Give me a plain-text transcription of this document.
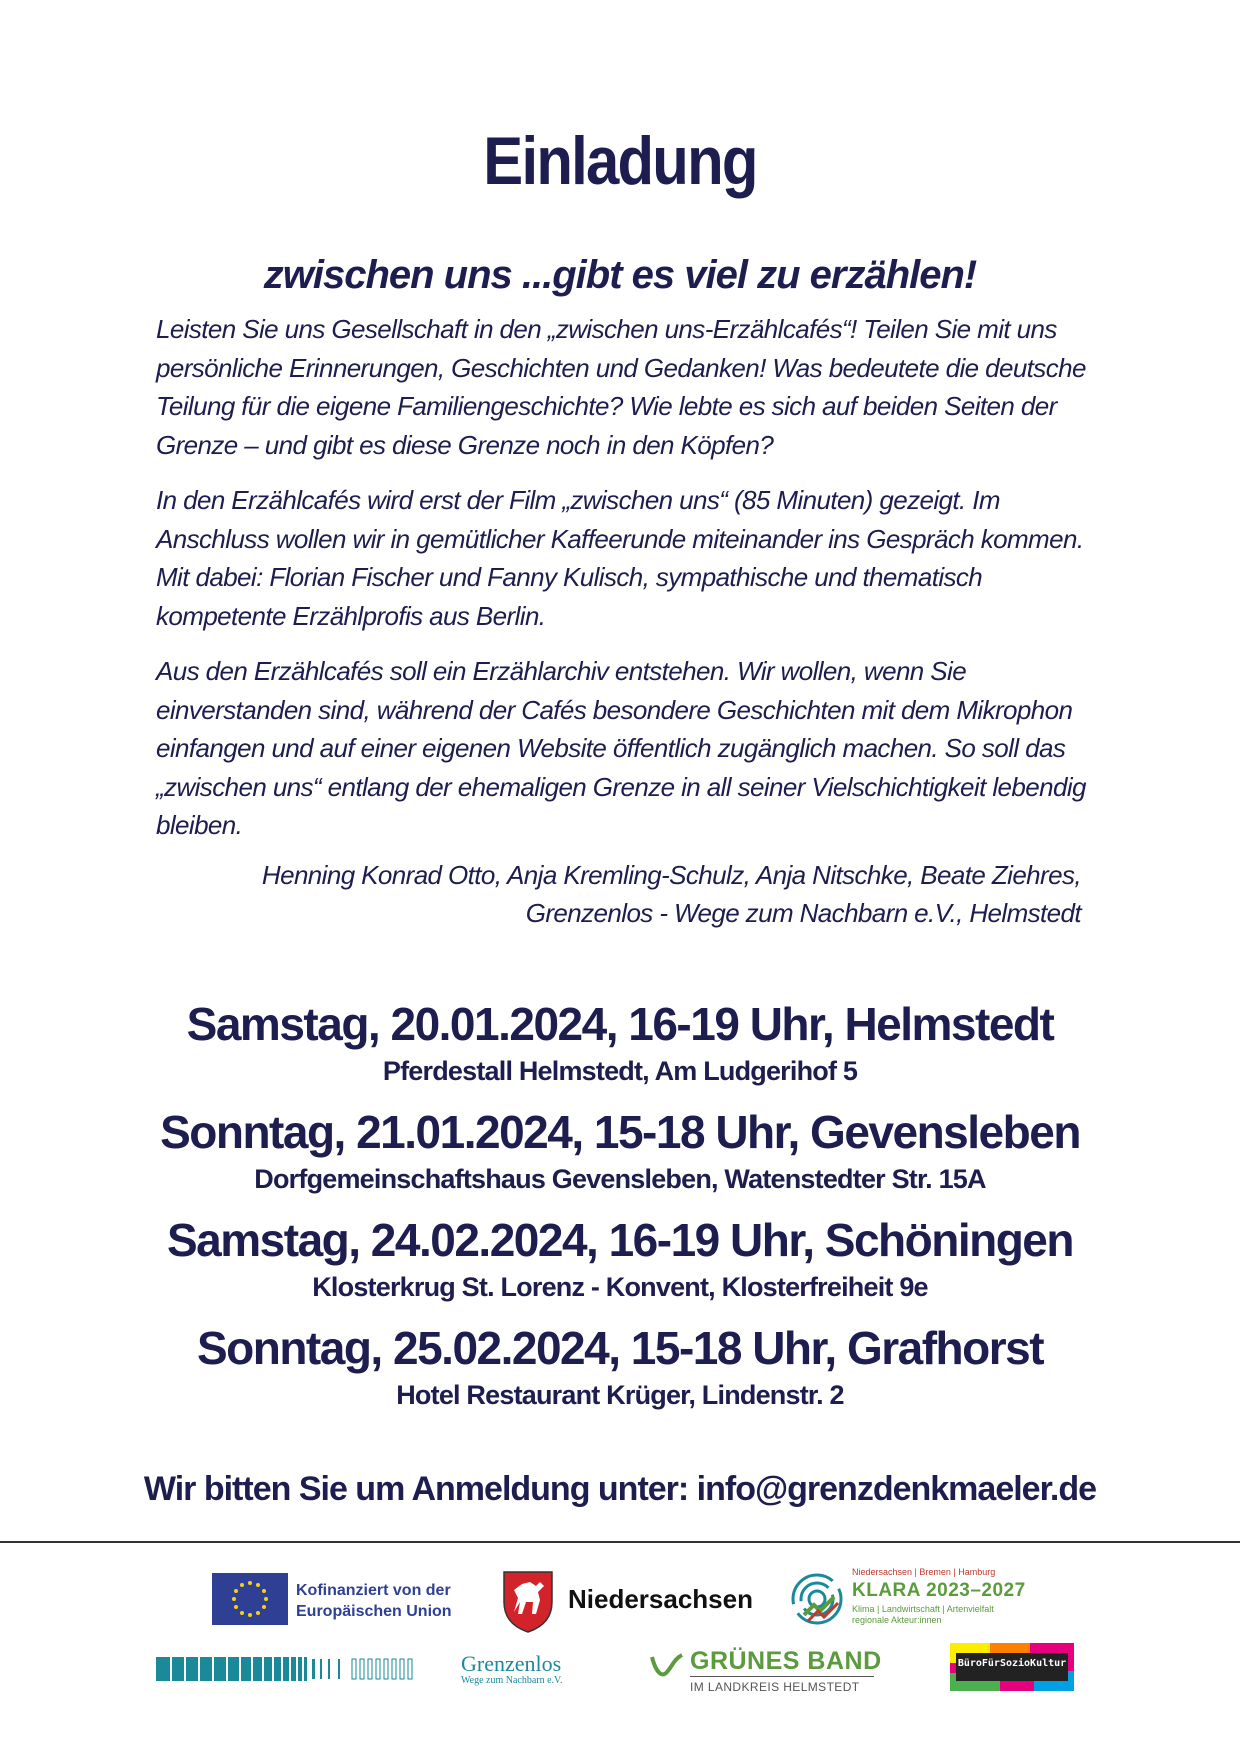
Einladung
zwischen uns ...gibt es viel zu erzählen!

Leisten Sie uns Gesellschaft in den „zwischen uns-Erzählcafés“! Teilen Sie mit uns persönliche Erinnerungen, Geschichten und Gedanken! Was bedeutete die deutsche Teilung für die eigene Familiengeschichte? Wie lebte es sich auf beiden Seiten der Grenze – und gibt es diese Grenze noch in den Köpfen?

In den Erzählcafés wird erst der Film „zwischen uns“ (85 Minuten) gezeigt. Im Anschluss wollen wir in gemütlicher Kaffeerunde miteinander ins Gespräch kommen. Mit dabei: Florian Fischer und Fanny Kulisch, sympathische und thematisch kompetente Erzählprofis aus Berlin.

Aus den Erzählcafés soll ein Erzählarchiv entstehen. Wir wollen, wenn Sie einverstanden sind, während der Cafés besondere Geschichten mit dem Mikrophon einfangen und auf einer eigenen Website öffentlich zugänglich machen. So soll das „zwischen uns“ entlang der ehemaligen Grenze in all seiner Vielschichtigkeit lebendig bleiben.

Henning Konrad Otto, Anja Kremling-Schulz, Anja Nitschke, Beate Ziehres,
Grenzenlos - Wege zum Nachbarn e.V., Helmstedt
Samstag, 20.01.2024, 16-19 Uhr, Helmstedt
Pferdestall Helmstedt, Am Ludgerihof 5
Sonntag, 21.01.2024, 15-18 Uhr, Gevensleben
Dorfgemeinschaftshaus Gevensleben, Watenstedter Str. 15A
Samstag, 24.02.2024, 16-19 Uhr, Schöningen
Klosterkrug St. Lorenz - Konvent, Klosterfreiheit 9e
Sonntag, 25.02.2024, 15-18 Uhr, Grafhorst
Hotel Restaurant Krüger, Lindenstr. 2
Wir bitten Sie um Anmeldung unter: info@grenzdenkmaeler.de
Kofinanziert von der
Europäischen Union	Niedersachsen
Niedersachsen | Bremen | Hamburg
KLARA 2023–2027
Klima | Landwirtschaft | Artenvielfalt
regionale Akteur:innen
Grenzenlos
Wege zum Nachbarn e.V.
GRÜNES BAND
IM LANDKREIS HELMSTEDT
BüroFürSozioKultur
